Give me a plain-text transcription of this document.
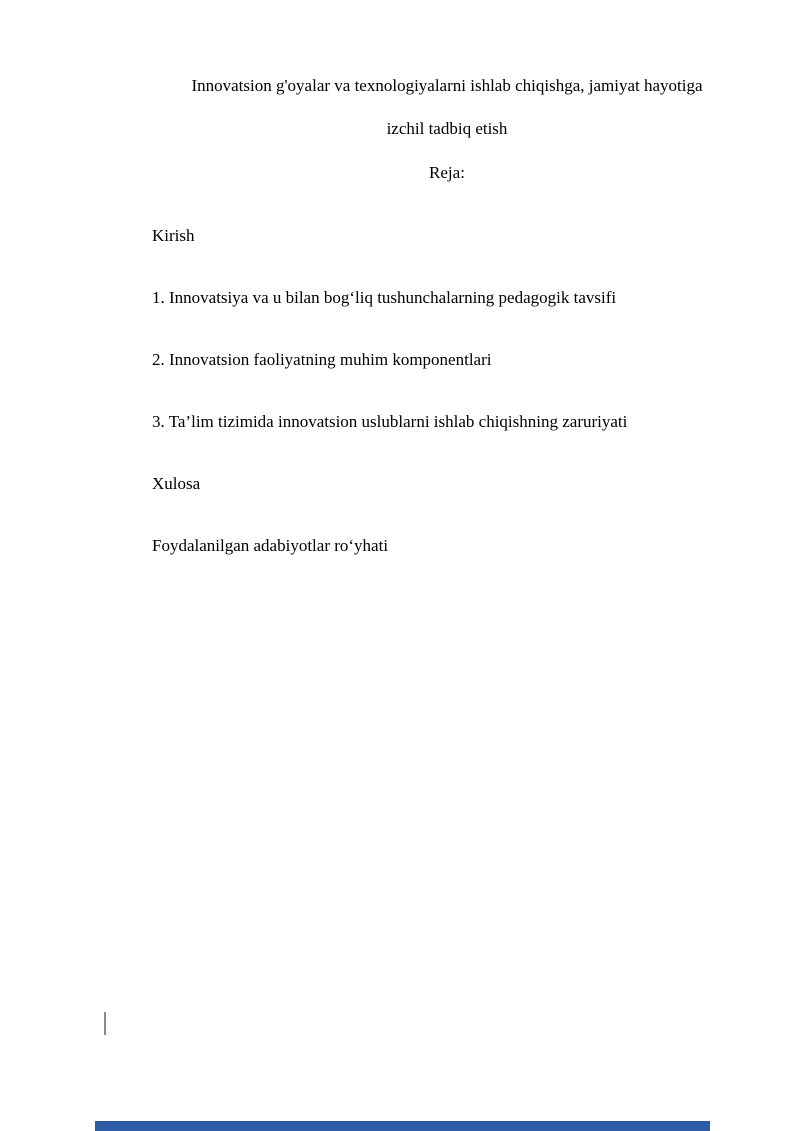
Innovatsion g'oyalar va texnologiyalarni ishlab chiqishga, jamiyat hayotiga
izchil tadbiq etish
Reja:
Kirish
1. Innovatsiya va u bilan bog‘liq tushunchalarning pedagogik tavsifi
2. Innovatsion faoliyatning muhim komponentlari
3. Ta’lim tizimida innovatsion uslublarni ishlab chiqishning zaruriyati
Xulosa
Foydalanilgan adabiyotlar ro‘yhati
